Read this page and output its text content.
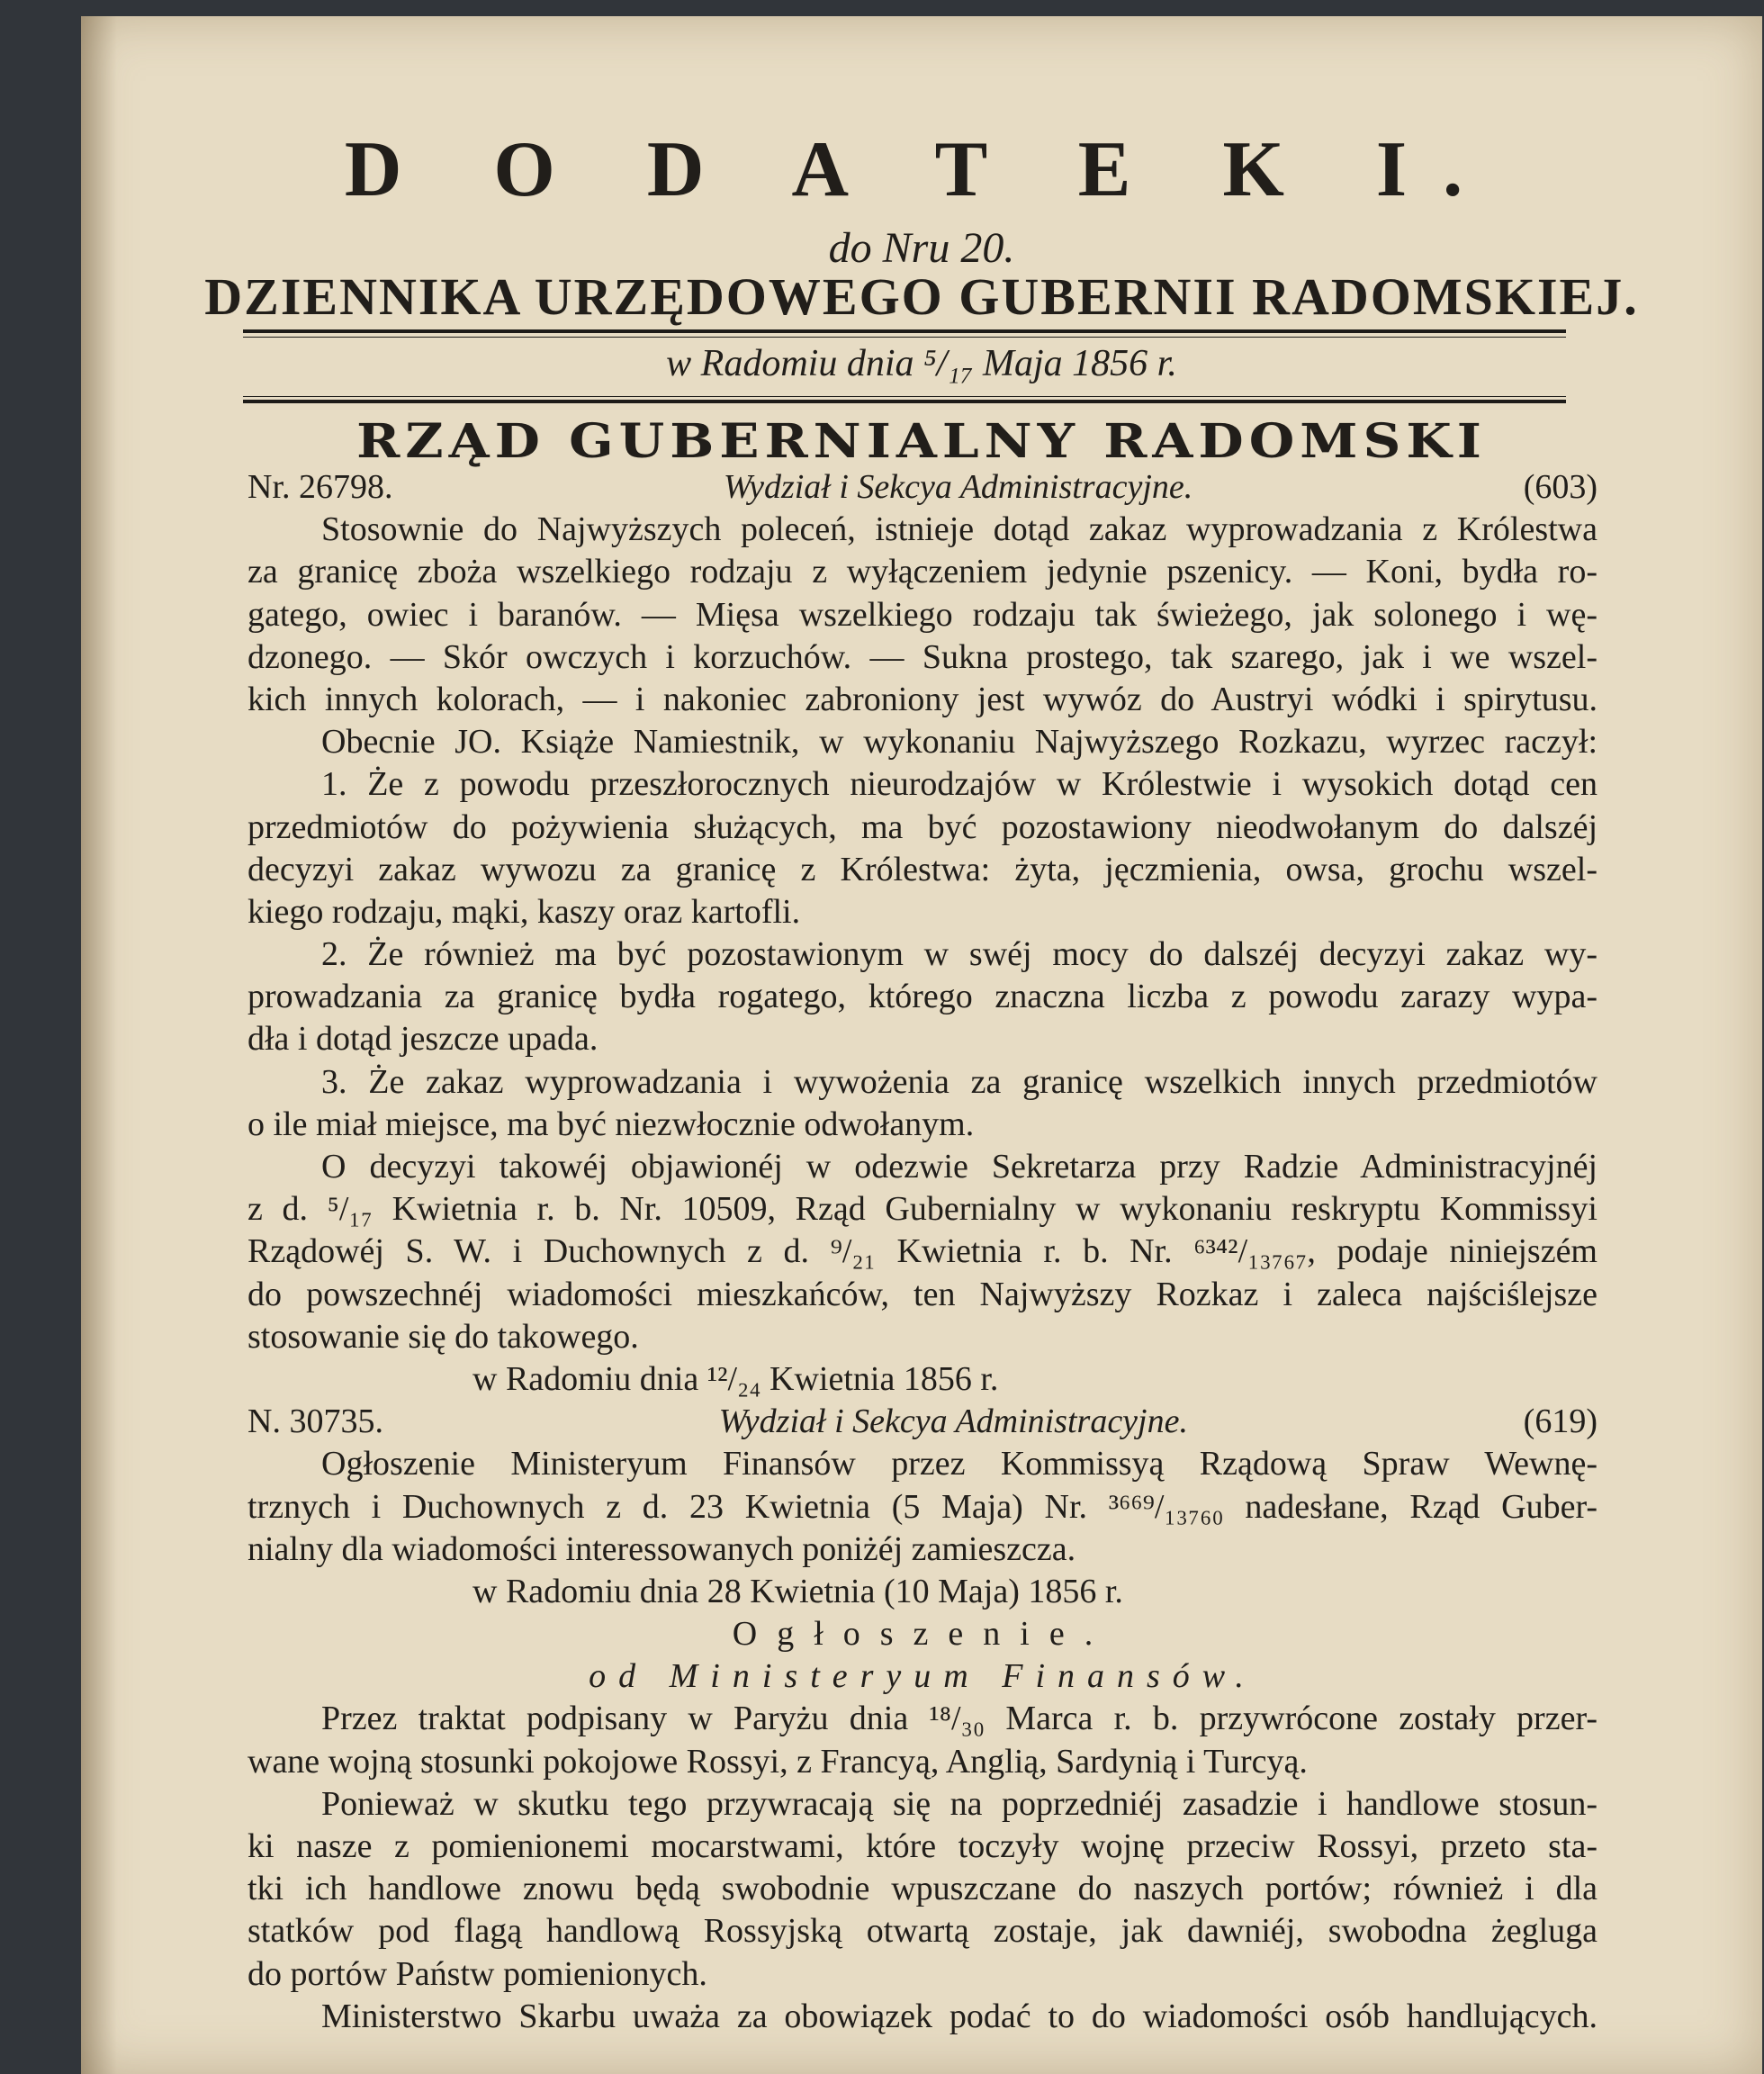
D O D A T E K I.
do Nru 20.
DZIENNIKA URZĘDOWEGO GUBERNII RADOMSKIEJ.
w Radomiu dnia ⁵/₁₇ Maja 1856 r.
RZĄD GUBERNIALNY RADOMSKI
Nr. 26798.	Wydział i Sekcya Administracyjne.	(603)
Stosownie do Najwyższych poleceń, istnieje dotąd zakaz wyprowadzania z Królestwa
za granicę zboża wszelkiego rodzaju z wyłączeniem jedynie pszenicy. — Koni, bydła ro-
gatego, owiec i baranów. — Mięsa wszelkiego rodzaju tak świeżego, jak solonego i wę-
dzonego. — Skór owczych i korzuchów. — Sukna prostego, tak szarego, jak i we wszel-
kich innych kolorach, — i nakoniec zabroniony jest wywóz do Austryi wódki i spirytusu.
Obecnie JO. Książe Namiestnik, w wykonaniu Najwyższego Rozkazu, wyrzec raczył:
1. Że z powodu przeszłorocznych nieurodzajów w Królestwie i wysokich dotąd cen
przedmiotów do pożywienia służących, ma być pozostawiony nieodwołanym do dalszéj
decyzyi zakaz wywozu za granicę z Królestwa: żyta, jęczmienia, owsa, grochu wszel-
kiego rodzaju, mąki, kaszy oraz kartofli.
2. Że również ma być pozostawionym w swéj mocy do dalszéj decyzyi zakaz wy-
prowadzania za granicę bydła rogatego, którego znaczna liczba z powodu zarazy wypa-
dła i dotąd jeszcze upada.
3. Że zakaz wyprowadzania i wywożenia za granicę wszelkich innych przedmiotów
o ile miał miejsce, ma być niezwłocznie odwołanym.
O decyzyi takowéj objawionéj w odezwie Sekretarza przy Radzie Administracyjnéj
z d. ⁵/₁₇ Kwietnia r. b. Nr. 10509, Rząd Gubernialny w wykonaniu reskryptu Kommissyi
Rządowéj S. W. i Duchownych z d. ⁹/₂₁ Kwietnia r. b. Nr. ⁶³⁴²/₁₃₇₆₇, podaje niniejszém
do powszechnéj wiadomości mieszkańców, ten Najwyższy Rozkaz i zaleca najściślejsze
stosowanie się do takowego.
w Radomiu dnia ¹²/₂₄ Kwietnia 1856 r.
N. 30735.	Wydział i Sekcya Administracyjne.	(619)
Ogłoszenie Ministeryum Finansów przez Kommissyą Rządową Spraw Wewnę-
trznych i Duchownych z d. 23 Kwietnia (5 Maja) Nr. ³⁶⁶⁹/₁₃₇₆₀ nadesłane, Rząd Guber-
nialny dla wiadomości interessowanych poniżéj zamieszcza.
w Radomiu dnia 28 Kwietnia (10 Maja) 1856 r.
Ogłoszenie.
od Ministeryum Finansów.
Przez traktat podpisany w Paryżu dnia ¹⁸/₃₀ Marca r. b. przywrócone zostały przer-
wane wojną stosunki pokojowe Rossyi, z Francyą, Anglią, Sardynią i Turcyą.
Ponieważ w skutku tego przywracają się na poprzedniéj zasadzie i handlowe stosun-
ki nasze z pomienionemi mocarstwami, które toczyły wojnę przeciw Rossyi, przeto sta-
tki ich handlowe znowu będą swobodnie wpuszczane do naszych portów; również i dla
statków pod flagą handlową Rossyjską otwartą zostaje, jak dawniéj, swobodna żegluga
do portów Państw pomienionych.
Ministerstwo Skarbu uważa za obowiązek podać to do wiadomości osób handlujących.
